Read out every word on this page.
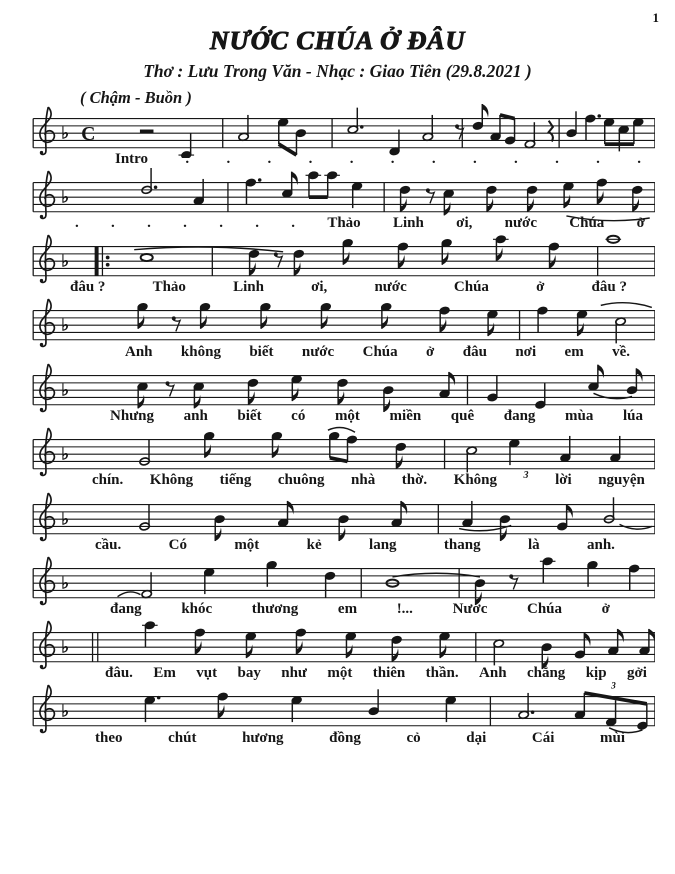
1
NƯỚC CHÚA Ở ĐÂU
Thơ : Lưu Trong Văn - Nhạc : Giao Tiên (29.8.2021 )
( Chậm - Buồn )
♭ C
Intro . . . . . . . . . . . .
♭
. . . . . . . Thảo Linh ơi, nước Chúa ở
♭
đâu ?	Thảo	Linh	ơi,	nước	Chúa	ở	đâu ?
♭
Anh không biết nước Chúa ở đâu nơi em về.
♭
Nhưng anh biết có một miền quê đang mùa lúa
♭
chín. Không tiếng chuông nhà thờ. Không	3 lời nguyện
♭
cầu.	Có	một	kẻ	lang	thang	là	anh.
♭
đang	khóc	thương	em	!...	Nước	Chúa	ở
♭
đâu. Em vụt bay như một thiên thần. Anh chẳng kịp gởi
♭
3
theo	chút	hương	đồng	cỏ	dại	Cái	mùi
